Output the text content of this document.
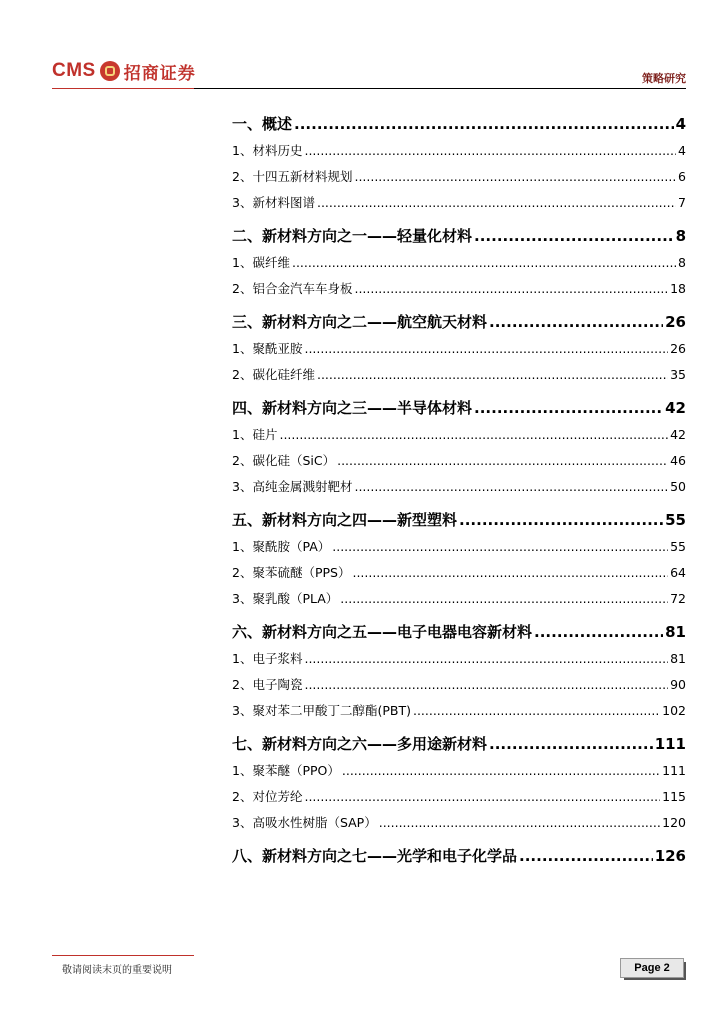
CMS 招商证券	策略研究
一、 概述 .....	4
1、 材料历史 .....	4
2、 十四五新材料规划 .....	6
3、 新材料图谱 .....	7
二、 新材料方向之一——轻量化材料 .....	8
1、 碳纤维 .....	8
2、 铝合金汽车车身板 .....	18
三、 新材料方向之二——航空航天材料 .....	26
1、 聚酰亚胺 .....	26
2、 碳化硅纤维 .....	35
四、 新材料方向之三——半导体材料 .....	42
1、 硅片 .....	42
2、 碳化硅（SiC） .....	46
3、 高纯金属溅射靶材 .....	50
五、 新材料方向之四——新型塑料 .....	55
1、 聚酰胺（PA） .....	55
2、 聚苯硫醚（PPS） .....	64
3、 聚乳酸（PLA） .....	72
六、 新材料方向之五——电子电器电容新材料 .....	81
1、 电子浆料 .....	81
2、 电子陶瓷 .....	90
3、 聚对苯二甲酸丁二醇酯(PBT) .....	102
七、 新材料方向之六——多用途新材料 .....	111
1、 聚苯醚（PPO） .....	111
2、 对位芳纶 .....	115
3、 高吸水性树脂（SAP） .....	120
八、 新材料方向之七——光学和电子化学品 .....	126
敬请阅读末页的重要说明	Page 2
